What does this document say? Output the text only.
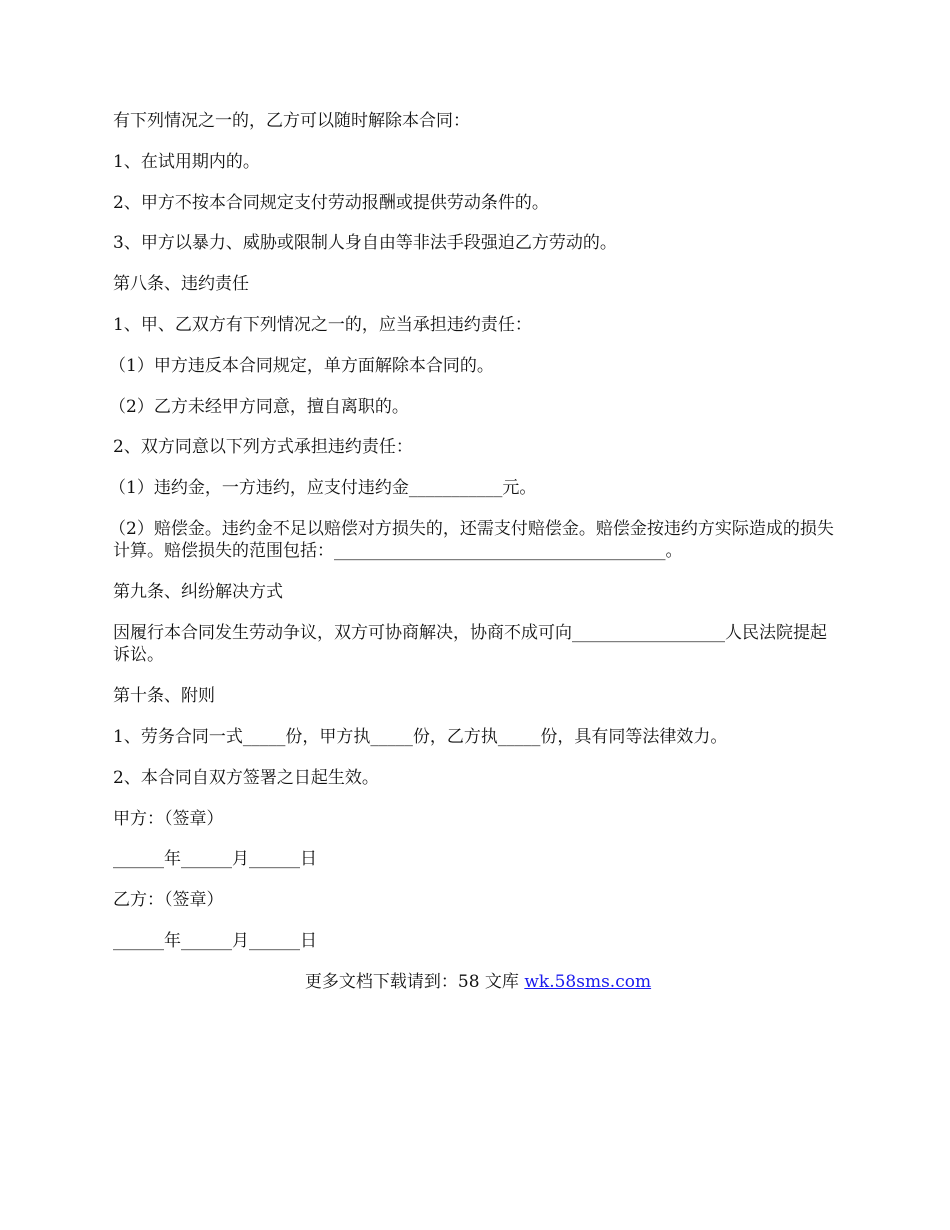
有下列情况之一的，乙方可以随时解除本合同：

1、在试用期内的。

2、甲方不按本合同规定支付劳动报酬或提供劳动条件的。

3、甲方以暴力、威胁或限制人身自由等非法手段强迫乙方劳动的。

第八条、违约责任

1、甲、乙双方有下列情况之一的，应当承担违约责任：

（1）甲方违反本合同规定，单方面解除本合同的。

（2）乙方未经甲方同意，擅自离职的。

2、双方同意以下列方式承担违约责任：

（1）违约金，一方违约，应支付违约金___________元。

（2）赔偿金。违约金不足以赔偿对方损失的，还需支付赔偿金。赔偿金按违约方实际造成的损失计算。赔偿损失的范围包括：_______________________________________。

第九条、纠纷解决方式

因履行本合同发生劳动争议，双方可协商解决，协商不成可向__________________人民法院提起诉讼。

第十条、附则

1、劳务合同一式_____份，甲方执_____份，乙方执_____份，具有同等法律效力。

2、本合同自双方签署之日起生效。

甲方：（签章）

______年______月______日

乙方：（签章）

______年______月______日

更多文档下载请到：58 文库 wk.58sms.com
